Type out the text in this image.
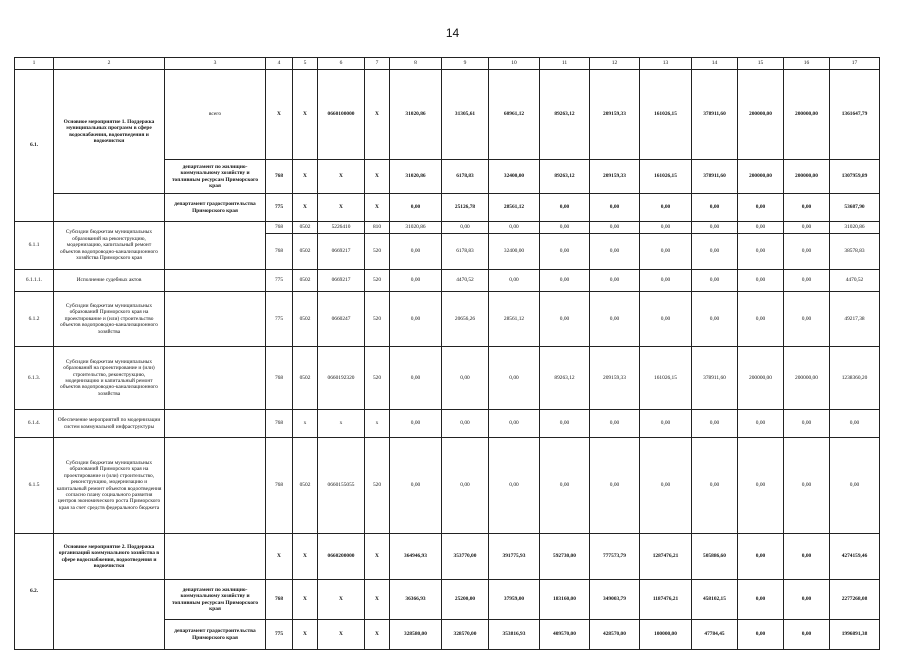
14
1	2	3	4	5	6	7	8	9	10	11	12	13	14	15	16	17
6.1.	Основное мероприятие 1. Поддержка муниципальных программ в сфере водоснабжения, водоотведения и водоочистки	всего	X	X	0660100000	X	31020,86	31305,61	60961,12	89263,12	209159,33	161026,15	378911,60	200000,00	200000,00	1361647,79
		департамент по жилищно-коммунальному хозяйству и топливным ресурсам Приморского края	768	X	X	X	31020,86	6178,83	32400,00	89263,12	209159,33	161026,15	378911,60	200000,00	200000,00	1307959,89
		департамент градостроительства Приморского края	775	X	X	X	0,00	25126,78	28561,12	0,00	0,00	0,00	0,00	0,00	0,00	53687,90
6.1.1	Субсидии бюджетам муниципальных образований на реконструкцию, модернизацию, капитальный ремонт объектов водопроводно-канализационного хозяйства Приморского края		768	0502	5226410	810	31020,86	0,00	0,00	0,00	0,00	0,00	0,00	0,00	0,00	31020,86
			768	0502	0669217	520	0,00	6178,83	32400,00	0,00	0,00	0,00	0,00	0,00	0,00	38578,83
6.1.1.1.	Исполнение судебных актов		775	0502	0669217	520	0,00	4470,52	0,00	0,00	0,00	0,00	0,00	0,00	0,00	4470,52
6.1.2	Субсидии бюджетам муниципальных образований Приморского края на проектирование и (или) строительство объектов водопроводно-канализационного хозяйства		775	0502	0660247	520	0,00	20656,26	28561,12	0,00	0,00	0,00	0,00	0,00	0,00	49217,38
6.1.3.	Субсидии бюджетам муниципальных образований на проектирование и (или) строительство, реконструкцию, модернизацию и капитальный ремонт объектов водопроводно-канализационного хозяйства		768	0502	0660192320	520	0,00	0,00	0,00	89263,12	209159,33	161026,15	378911,60	200000,00	200000,00	1238360,20
6.1.4.	Обеспечение мероприятий по модернизации систем коммунальной инфраструктуры		768	x	x	x	0,00	0,00	0,00	0,00	0,00	0,00	0,00	0,00	0,00	0,00
6.1.5	Субсидии бюджетам муниципальных образований Приморского края на проектирование и (или) строительство, реконструкцию, модернизацию и капитальный ремонт объектов водоотведения согласно плану социального развития центров экономического роста Приморского края за счет средств федерального бюджета		768	0502	0660155055	520	0,00	0,00	0,00	0,00	0,00	0,00	0,00	0,00	0,00	0,00
6.2.	Основное мероприятие 2. Поддержка организаций коммунального хозяйства в сфере водоснабжения, водоотведения и водоочистки		X	X	0660200000	X	364946,93	353770,00	391775,93	592730,00	777573,79	1287476,21	505886,60	0,00	0,00	4274159,46
		департамент по жилищно-коммунальному хозяйству и топливным ресурсам Приморского края	768	X	X	X	36366,93	25200,00	37959,00	183160,00	349003,79	1187476,21	458102,15	0,00	0,00	2277268,08
		департамент градостроительства Приморского края	775	X	X	X	328580,00	328570,00	353816,93	409570,00	428570,00	100000,00	47784,45	0,00	0,00	1996891,38
